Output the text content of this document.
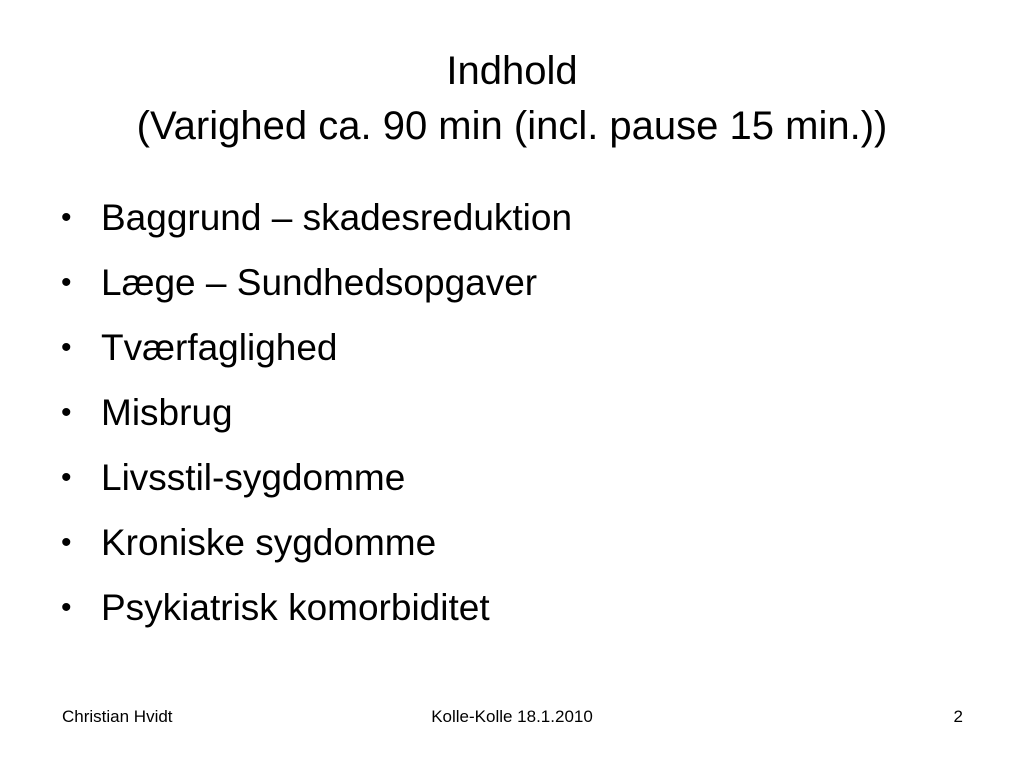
Indhold
(Varighed ca. 90 min (incl. pause 15 min.))
• Baggrund – skadesreduktion
• Læge – Sundhedsopgaver
• Tværfaglighed
• Misbrug
• Livsstil-sygdomme
• Kroniske sygdomme
• Psykiatrisk komorbiditet
Christian Hvidt	Kolle-Kolle 18.1.2010	2
